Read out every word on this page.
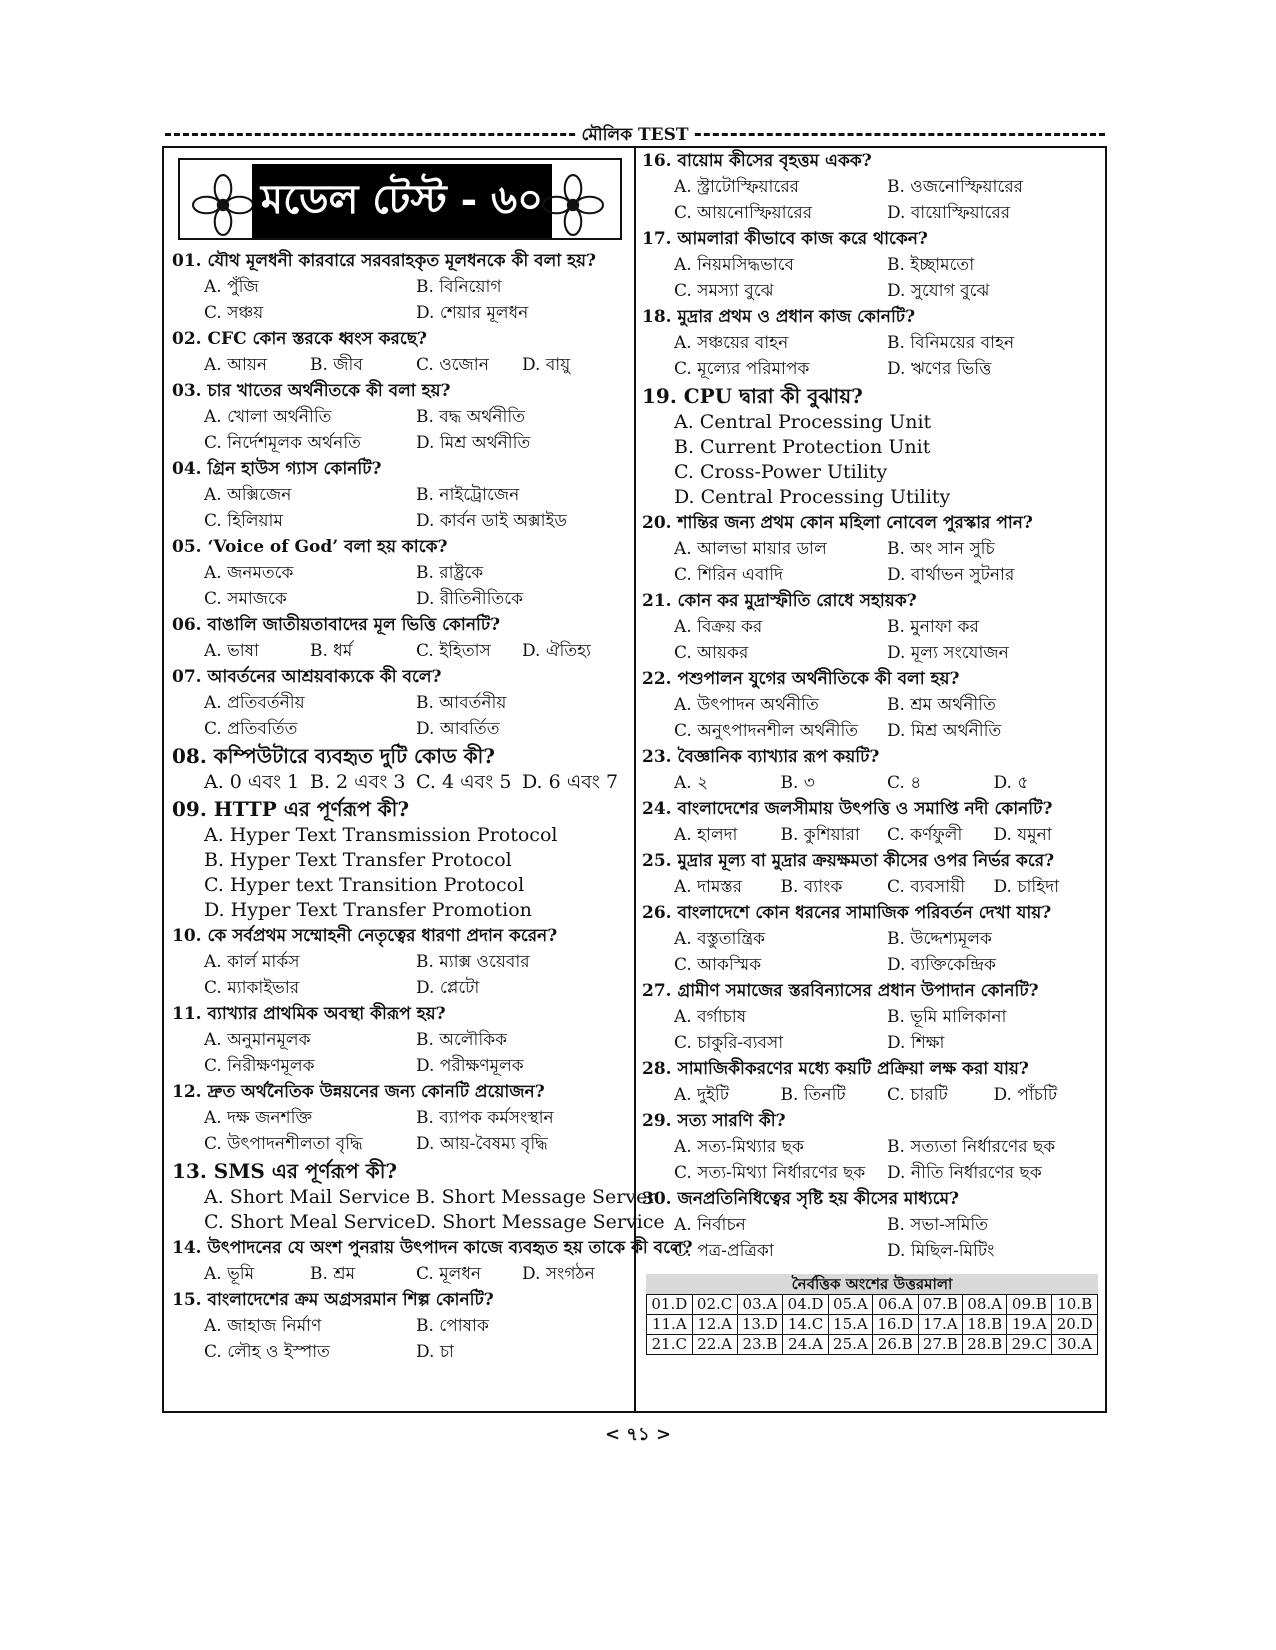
মৌলিক TEST
মডেল টেস্ট - ৬০
01. যৌথ মূলধনী কারবারে সরবরাহকৃত মূলধনকে কী বলা হয়?
A. পুঁজি	B. বিনিয়োগ
C. সঞ্চয়	D. শেয়ার মূলধন
02. CFC কোন স্তরকে ধ্বংস করছে?
A. আয়ন	B. জীব	C. ওজোন	D. বায়ু
03. চার খাতের অর্থনীতকে কী বলা হয়?
A. খোলা অর্থনীতি	B. বদ্ধ অর্থনীতি
C. নির্দেশমূলক অর্থনতি	D. মিশ্র অর্থনীতি
04. গ্রিন হাউস গ্যাস কোনটি?
A. অক্সিজেন	B. নাইট্রোজেন
C. হিলিয়াম	D. কার্বন ডাই অক্সাইড
05. ‘Voice of God’ বলা হয় কাকে?
A. জনমতকে	B. রাষ্ট্রকে
C. সমাজকে	D. রীতিনীতিকে
06. বাঙালি জাতীয়তাবাদের মূল ভিত্তি কোনটি?
A. ভাষা	B. ধর্ম	C. ইহিতাস	D. ঐতিহ্য
07. আবর্তনের আশ্রয়বাক্যকে কী বলে?
A. প্রতিবর্তনীয়	B. আবর্তনীয়
C. প্রতিবর্তিত	D. আবর্তিত
08. কম্পিউটারে ব্যবহৃত দুটি কোড কী?
A. 0 এবং 1 B. 2 এবং 3 C. 4 এবং 5 D. 6 এবং 7
09. HTTP এর পূর্ণরূপ কী?
A. Hyper Text Transmission Protocol
B. Hyper Text Transfer Protocol
C. Hyper text Transition Protocol
D. Hyper Text Transfer Promotion
10. কে সর্বপ্রথম সম্মোহনী নেতৃত্বের ধারণা প্রদান করেন?
A. কার্ল মার্কস	B. ম্যাক্স ওয়েবার
C. ম্যাকাইভার	D. প্লেটো
11. ব্যাখ্যার প্রাথমিক অবস্থা কীরূপ হয়?
A. অনুমানমূলক	B. অলৌকিক
C. নিরীক্ষণমূলক	D. পরীক্ষণমূলক
12. দ্রুত অর্থনৈতিক উন্নয়নের জন্য কোনটি প্রয়োজন?
A. দক্ষ জনশক্তি	B. ব্যাপক কর্মসংস্থান
C. উৎপাদনশীলতা বৃদ্ধি	D. আয়-বৈষম্য বৃদ্ধি
13. SMS এর পূর্ণরূপ কী?
A. Short Mail Service B. Short Message Server
C. Short Meal Service D. Short Message Service
14. উৎপাদনের যে অংশ পুনরায় উৎপাদন কাজে ব্যবহৃত হয় তাকে কী বলে?
A. ভূমি	B. শ্রম	C. মূলধন	D. সংগঠন
15. বাংলাদেশের ক্রম অগ্রসরমান শিল্প কোনটি?
A. জাহাজ নির্মাণ	B. পোষাক
C. লৌহ ও ইস্পাত	D. চা
16. বায়োম কীসের বৃহত্তম একক?
A. স্ট্রাটোস্ফিয়ারের	B. ওজনোস্ফিয়ারের
C. আয়নোস্ফিয়ারের	D. বায়োস্ফিয়ারের
17. আমলারা কীভাবে কাজ করে থাকেন?
A. নিয়মসিদ্ধভাবে	B. ইচ্ছামতো
C. সমস্যা বুঝে	D. সুযোগ বুঝে
18. মুদ্রার প্রথম ও প্রধান কাজ কোনটি?
A. সঞ্চয়ের বাহন	B. বিনিময়ের বাহন
C. মূল্যের পরিমাপক	D. ঋণের ভিত্তি
19. CPU দ্বারা কী বুঝায়?
A. Central Processing Unit
B. Current Protection Unit
C. Cross-Power Utility
D. Central Processing Utility
20. শান্তির জন্য প্রথম কোন মহিলা নোবেল পুরস্কার পান?
A. আলভা মায়ার ডাল	B. অং সান সুচি
C. শিরিন এবাদি	D. বার্থাভন সুটনার
21. কোন কর মুদ্রাস্ফীতি রোধে সহায়ক?
A. বিক্রয় কর	B. মুনাফা কর
C. আয়কর	D. মূল্য সংযোজন
22. পশুপালন যুগের অর্থনীতিকে কী বলা হয়?
A. উৎপাদন অর্থনীতি	B. শ্রম অর্থনীতি
C. অনুৎপাদনশীল অর্থনীতি	D. মিশ্র অর্থনীতি
23. বৈজ্ঞানিক ব্যাখ্যার রূপ কয়টি?
A. ২	B. ৩	C. ৪	D. ৫
24. বাংলাদেশের জলসীমায় উৎপত্তি ও সমাপ্তি নদী কোনটি?
A. হালদা	B. কুশিয়ারা	C. কর্ণফুলী	D. যমুনা
25. মুদ্রার মূল্য বা মুদ্রার ক্রয়ক্ষমতা কীসের ওপর নির্ভর করে?
A. দামস্তর	B. ব্যাংক	C. ব্যবসায়ী	D. চাহিদা
26. বাংলাদেশে কোন ধরনের সামাজিক পরিবর্তন দেখা যায়?
A. বস্তুতান্ত্রিক	B. উদ্দেশ্যমূলক
C. আকস্মিক	D. ব্যক্তিকেন্দ্রিক
27. গ্রামীণ সমাজের স্তরবিন্যাসের প্রধান উপাদান কোনটি?
A. বর্গাচাষ	B. ভূমি মালিকানা
C. চাকুরি-ব্যবসা	D. শিক্ষা
28. সামাজিকীকরণের মধ্যে কয়টি প্রক্রিয়া লক্ষ করা যায়?
A. দুইটি	B. তিনটি	C. চারটি	D. পাঁচটি
29. সত্য সারণি কী?
A. সত্য-মিথ্যার ছক	B. সত্যতা নির্ধারণের ছক
C. সত্য-মিথ্যা নির্ধারণের ছক	D. নীতি নির্ধারণের ছক
30. জনপ্রতিনিধিত্বের সৃষ্টি হয় কীসের মাধ্যমে?
A. নির্বাচন	B. সভা-সমিতি
C. পত্র-প্রত্রিকা	D. মিছিল-মিটিং
নৈর্বত্তিক অংশের উত্তরমালা
01.D	02.C	03.A	04.D	05.A	06.A	07.B	08.A	09.B	10.B
11.A	12.A	13.D	14.C	15.A	16.D	17.A	18.B	19.A	20.D
21.C	22.A	23.B	24.A	25.A	26.B	27.B	28.B	29.C	30.A
< ৭১ >
